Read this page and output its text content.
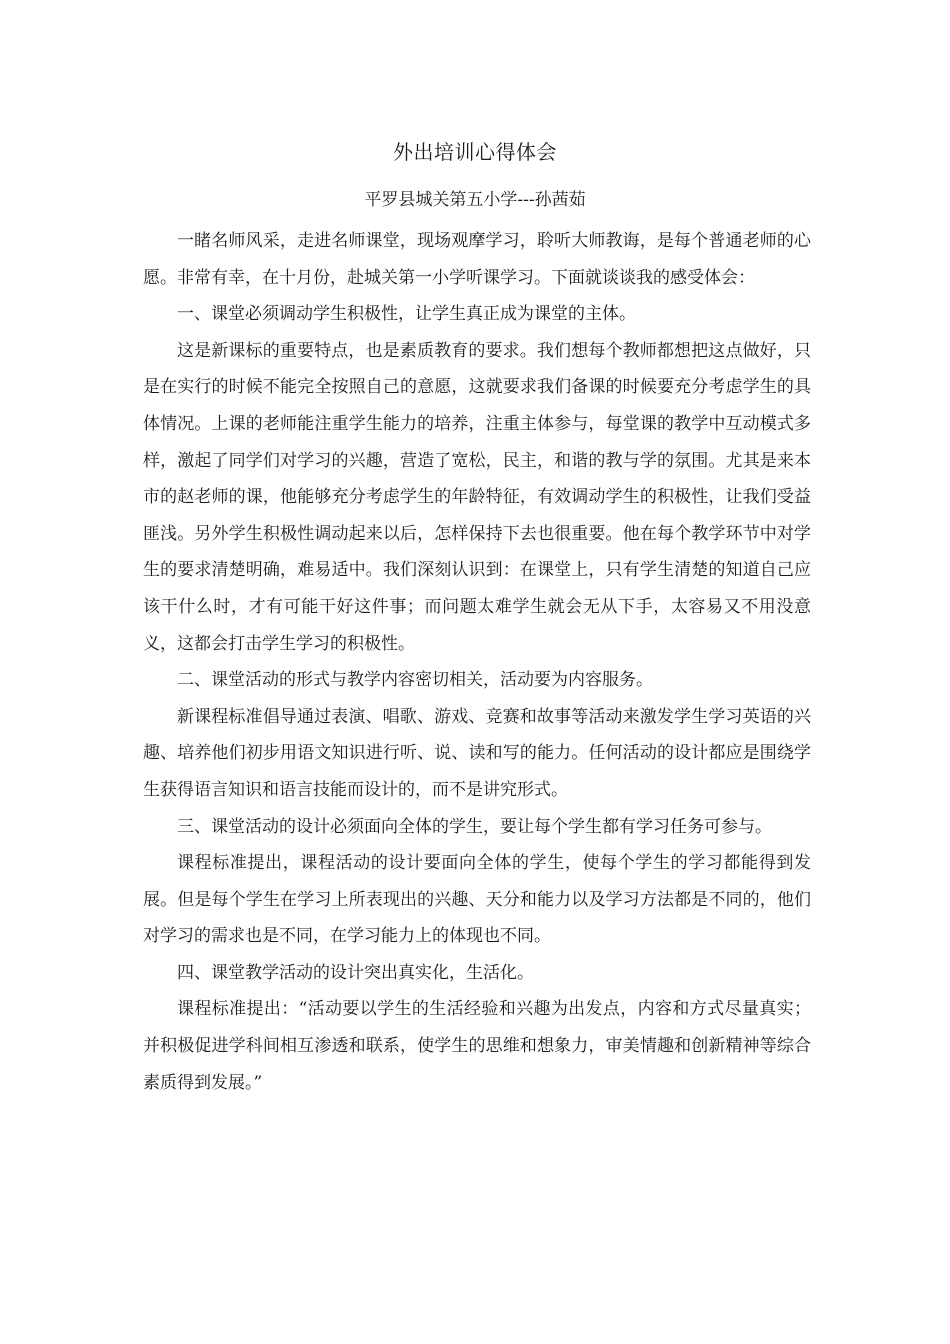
外出培训心得体会
平罗县城关第五小学---孙茜茹

一睹名师风采，走进名师课堂，现场观摩学习，聆听大师教诲，是每个普通老师的心愿。非常有幸，在十月份，赴城关第一小学听课学习。下面就谈谈我的感受体会：

一、课堂必须调动学生积极性，让学生真正成为课堂的主体。

这是新课标的重要特点，也是素质教育的要求。我们想每个教师都想把这点做好，只是在实行的时候不能完全按照自己的意愿，这就要求我们备课的时候要充分考虑学生的具体情况。上课的老师能注重学生能力的培养，注重主体参与，每堂课的教学中互动模式多样，激起了同学们对学习的兴趣，营造了宽松，民主，和谐的教与学的氛围。尤其是来本市的赵老师的课，他能够充分考虑学生的年龄特征，有效调动学生的积极性，让我们受益匪浅。另外学生积极性调动起来以后，怎样保持下去也很重要。他在每个教学环节中对学生的要求清楚明确，难易适中。我们深刻认识到：在课堂上，只有学生清楚的知道自己应该干什么时，才有可能干好这件事；而问题太难学生就会无从下手，太容易又不用没意义，这都会打击学生学习的积极性。

二、课堂活动的形式与教学内容密切相关，活动要为内容服务。

新课程标准倡导通过表演、唱歌、游戏、竞赛和故事等活动来激发学生学习英语的兴趣、培养他们初步用语文知识进行听、说、读和写的能力。任何活动的设计都应是围绕学生获得语言知识和语言技能而设计的，而不是讲究形式。

三、课堂活动的设计必须面向全体的学生，要让每个学生都有学习任务可参与。

课程标准提出，课程活动的设计要面向全体的学生，使每个学生的学习都能得到发展。但是每个学生在学习上所表现出的兴趣、天分和能力以及学习方法都是不同的，他们对学习的需求也是不同，在学习能力上的体现也不同。

四、课堂教学活动的设计突出真实化，生活化。

课程标准提出：“活动要以学生的生活经验和兴趣为出发点，内容和方式尽量真实；并积极促进学科间相互渗透和联系，使学生的思维和想象力，审美情趣和创新精神等综合素质得到发展。”
